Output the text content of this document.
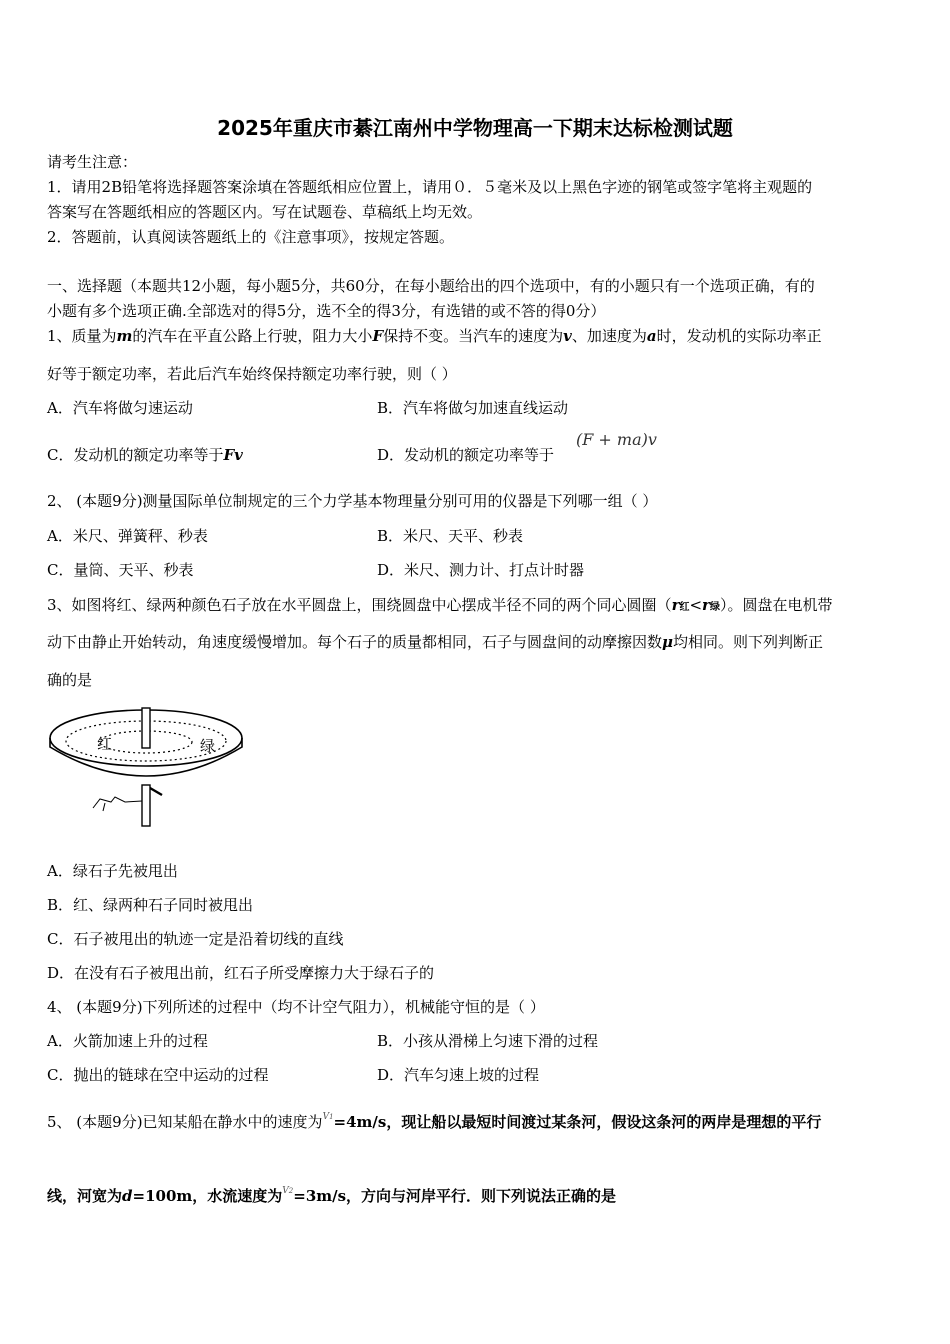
2025年重庆市綦江南州中学物理高一下期末达标检测试题
请考生注意：
1．请用2B铅笔将选择题答案涂填在答题纸相应位置上，请用０．５毫米及以上黑色字迹的钢笔或签字笔将主观题的
答案写在答题纸相应的答题区内。写在试题卷、草稿纸上均无效。
2．答题前，认真阅读答题纸上的《注意事项》，按规定答题。
一、选择题（本题共12小题，每小题5分，共60分，在每小题给出的四个选项中，有的小题只有一个选项正确，有的
小题有多个选项正确.全部选对的得5分，选不全的得3分，有选错的或不答的得0分）
1、质量为m的汽车在平直公路上行驶，阻力大小F保持不变。当汽车的速度为v、加速度为a时，发动机的实际功率正
好等于额定功率，若此后汽车始终保持额定功率行驶，则（ ）
A．汽车将做匀速运动	B．汽车将做匀加速直线运动
C．发动机的额定功率等于Fv	D．发动机的额定功率等于
(F + ma)v
2、 (本题9分)测量国际单位制规定的三个力学基本物理量分别可用的仪器是下列哪一组（ ）
A．米尺、弹簧秤、秒表	B．米尺、天平、秒表
C．量筒、天平、秒表	D．米尺、测力计、打点计时器
3、如图将红、绿两种颜色石子放在水平圆盘上，围绕圆盘中心摆成半径不同的两个同心圆圈（r红<r绿）。圆盘在电机带
动下由静止开始转动，角速度缓慢增加。每个石子的质量都相同，石子与圆盘间的动摩擦因数μ均相同。则下列判断正
确的是
红	绿
A．绿石子先被甩出
B．红、绿两种石子同时被甩出
C．石子被甩出的轨迹一定是沿着切线的直线
D．在没有石子被甩出前，红石子所受摩擦力大于绿石子的
4、 (本题9分)下列所述的过程中（均不计空气阻力），机械能守恒的是（ ）
A．火箭加速上升的过程	B．小孩从滑梯上匀速下滑的过程
C．抛出的链球在空中运动的过程	D．汽车匀速上坡的过程
5、 (本题9分)已知某船在静水中的速度为V1=4m/s，现让船以最短时间渡过某条河，假设这条河的两岸是理想的平行
线，河宽为d=100m，水流速度为V2=3m/s，方向与河岸平行．则下列说法正确的是
